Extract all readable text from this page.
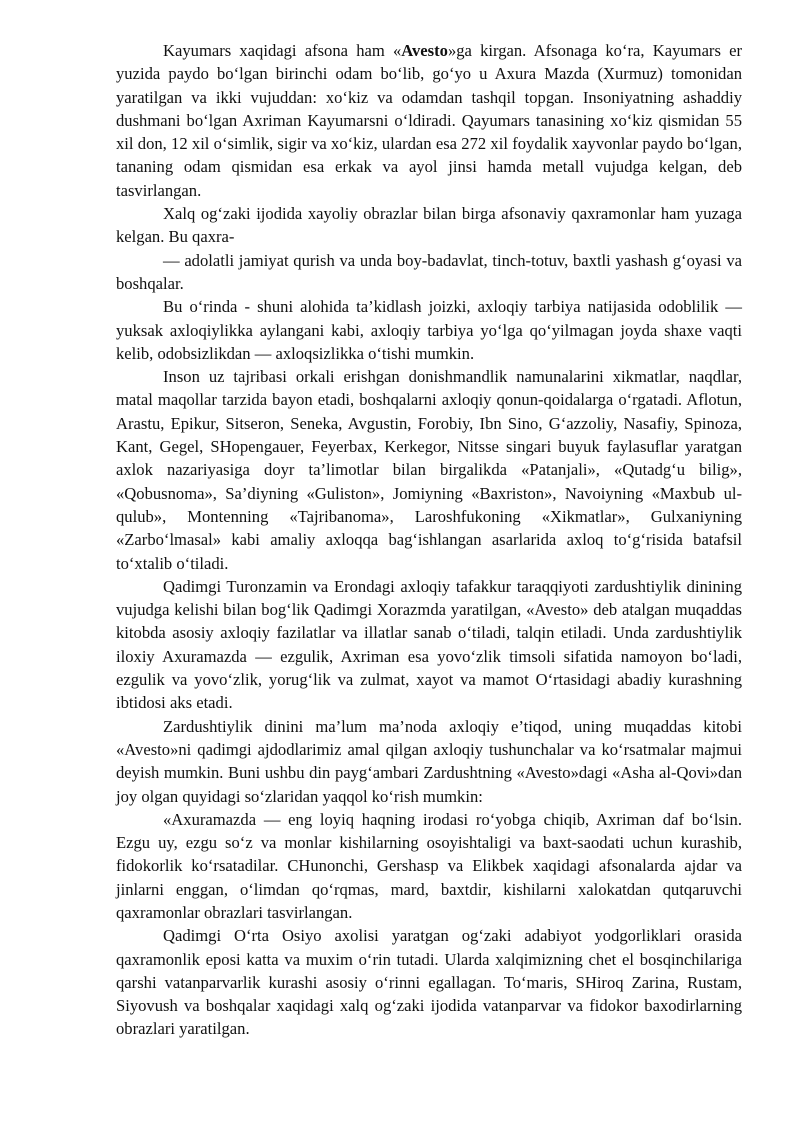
Kayumars xaqidagi afsona ham «Avesto»ga kirgan. Afsonaga ko‘ra, Kayumars er yuzida paydo bo‘lgan birinchi odam bo‘lib, go‘yo u Axura Mazda (Xurmuz) tomonidan yaratilgan va ikki vujuddan: xo‘kiz va odamdan tashqil topgan. Insoniyatning ashaddiy dushmani bo‘lgan Axriman Kayumarsni o‘ldiradi. Qayumars tanasining xo‘kiz qismidan 55 xil don, 12 xil o‘simlik, sigir va xo‘kiz, ulardan esa 272 xil foydalik xayvonlar paydo bo‘lgan, tananing odam qismidan esa erkak va ayol jinsi hamda metall vujudga kelgan, deb tasvirlangan.

Xalq og‘zaki ijodida xayoliy obrazlar bilan birga afsonaviy qaxramonlar ham yuzaga kelgan. Bu qaxra-

— adolatli jamiyat qurish va unda boy-badavlat, tinch-totuv, baxtli yashash g‘oyasi va boshqalar.

Bu o‘rinda - shuni alohida ta’kidlash joizki, axloqiy tarbiya natijasida odoblilik — yuksak axloqiylikka aylangani kabi, axloqiy tarbiya yo‘lga qo‘yilmagan joyda shaxe vaqti kelib, odobsizlikdan — axloqsizlikka o‘tishi mumkin.

Inson uz tajribasi orkali erishgan donishmandlik namunalarini xikmatlar, naqdlar, matal maqollar tarzida bayon etadi, boshqalarni axloqiy qonun-qoidalarga o‘rgatadi. Aflotun, Arastu, Epikur, Sitseron, Seneka, Avgustin, Forobiy, Ibn Sino, G‘azzoliy, Nasafiy, Spinoza, Kant, Gegel, SHopengauer, Feyerbax, Kerkegor, Nitsse singari buyuk faylasuflar yaratgan axlok nazariyasiga doyr ta’limotlar bilan birgalikda «Patanjali», «Qutadg‘u bilig», «Qobusnoma», Sa’diyning «Guliston», Jomiyning «Baxriston», Navoiyning «Maxbub ul-qulub», Montenning «Tajribanoma», Laroshfukoning «Xikmatlar», Gulxaniyning «Zarbo‘lmasal» kabi amaliy axloqqa bag‘ishlangan asarlarida axloq to‘g‘risida batafsil to‘xtalib o‘tiladi.

Qadimgi Turonzamin va Erondagi axloqiy tafakkur taraqqiyoti zardushtiylik dinining vujudga kelishi bilan bog‘lik Qadimgi Xorazmda yaratilgan, «Avesto» deb atalgan muqaddas kitobda asosiy axloqiy fazilatlar va illatlar sanab o‘tiladi, talqin etiladi. Unda zardushtiylik iloxiy Axuramazda — ezgulik, Axriman esa yovo‘zlik timsoli sifatida namoyon bo‘ladi, ezgulik va yovo‘zlik, yorug‘lik va zulmat, xayot va mamot O‘rtasidagi abadiy kurashning ibtidosi aks etadi.

Zardushtiylik dinini ma’lum ma’noda axloqiy e’tiqod, uning muqaddas kitobi «Avesto»ni qadimgi ajdodlarimiz amal qilgan axloqiy tushunchalar va ko‘rsatmalar majmui deyish mumkin. Buni ushbu din payg‘ambari Zardushtning «Avesto»dagi «Asha al-Qovi»dan joy olgan quyidagi so‘zlaridan yaqqol ko‘rish mumkin:

«Axuramazda — eng loyiq haqning irodasi ro‘yobga chiqib, Axriman daf bo‘lsin. Ezgu uy, ezgu so‘z va monlar kishilarning osoyishtaligi va baxt-saodati uchun kurashib, fidokorlik ko‘rsatadilar. CHunonchi, Gershasp va Elikbek xaqidagi afsonalarda ajdar va jinlarni enggan, o‘limdan qo‘rqmas, mard, baxtdir, kishilarni xalokatdan qutqaruvchi qaxramonlar obrazlari tasvirlangan.

Qadimgi O‘rta Osiyo axolisi yaratgan og‘zaki adabiyot yodgorliklari orasida qaxramonlik eposi katta va muxim o‘rin tutadi. Ularda xalqimizning chet el bosqinchilariga qarshi vatanparvarlik kurashi asosiy o‘rinni egallagan. To‘maris, SHiroq Zarina, Rustam, Siyovush va boshqalar xaqidagi xalq og‘zaki ijodida vatanparvar va fidokor baxodirlarning obrazlari yaratilgan.
